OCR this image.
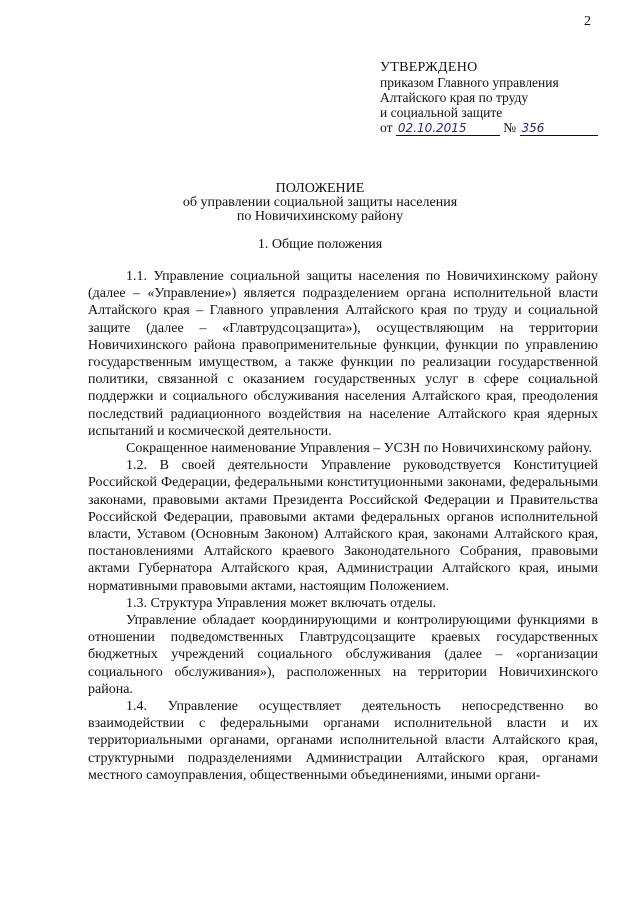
2
УТВЕРЖДЕНО
приказом Главного управления
Алтайского края по труду
и социальной защите
от 02.10.2015	№ 356
ПОЛОЖЕНИЕ
об управлении социальной защиты населения
по Новичихинскому району
1. Общие положения

1.1. Управление социальной защиты населения по Новичихинскому району (далее – «Управление») является подразделением органа исполнительной власти Алтайского края – Главного управления Алтайского края по труду и социальной защите (далее – «Главтрудсоцзащита»), осуществляющим на территории Новичихинского района правоприменительные функции, функции по управлению государственным имуществом, а также функции по реализации государственной политики, связанной с оказанием государственных услуг в сфере социальной поддержки и социального обслуживания населения Алтайского края, преодоления последствий радиационного воздействия на население Алтайского края ядерных испытаний и космической деятельности.

Сокращенное наименование Управления – УСЗН по Новичихинскому району.

1.2. В своей деятельности Управление руководствуется Конституцией Российской Федерации, федеральными конституционными законами, федеральными законами, правовыми актами Президента Российской Федерации и Правительства Российской Федерации, правовыми актами федеральных органов исполнительной власти, Уставом (Основным Законом) Алтайского края, законами Алтайского края, постановлениями Алтайского краевого Законодательного Собрания, правовыми актами Губернатора Алтайского края, Администрации Алтайского края, иными нормативными правовыми актами, настоящим Положением.

1.3. Структура Управления может включать отделы.

Управление обладает координирующими и контролирующими функциями в отношении подведомственных Главтрудсоцзащите краевых государственных бюджетных учреждений социального обслуживания (далее – «организации социального обслуживания»), расположенных на территории Новичихинского района.

1.4. Управление осуществляет деятельность непосредственно во взаимодействии с федеральными органами исполнительной власти и их территориальными органами, органами исполнительной власти Алтайского края, структурными подразделениями Администрации Алтайского края, органами местного самоуправления, общественными объединениями, иными органи-
